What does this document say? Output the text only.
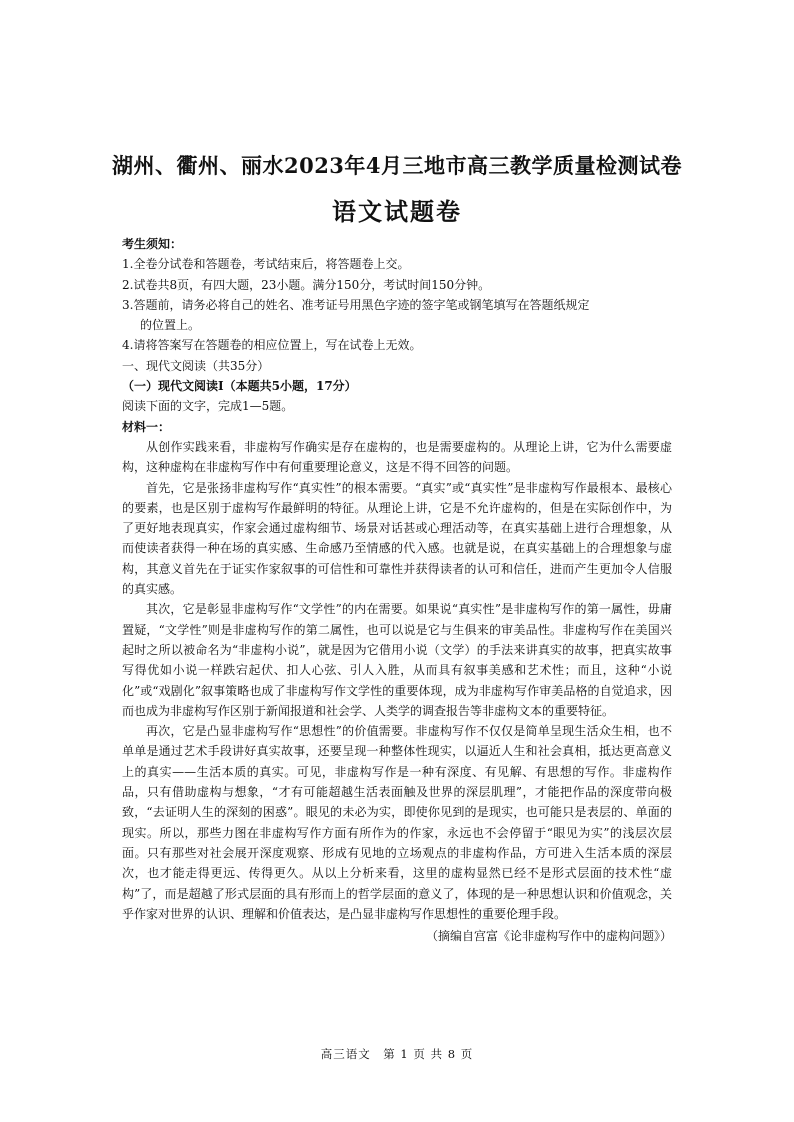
湖州、衢州、丽水2023年4月三地市高三教学质量检测试卷
语文试题卷

考生须知：

1.全卷分试卷和答题卷，考试结束后，将答题卷上交。

2.试卷共8页，有四大题，23小题。满分150分，考试时间150分钟。

3.答题前，请务必将自己的姓名、准考证号用黑色字迹的签字笔或钢笔填写在答题纸规定

的位置上。

4.请将答案写在答题卷的相应位置上，写在试卷上无效。

一、现代文阅读（共35分）

（一）现代文阅读Ⅰ（本题共5小题，17分）

阅读下面的文字，完成1—5题。

材料一：

从创作实践来看，非虚构写作确实是存在虚构的，也是需要虚构的。从理论上讲，它为什么需要虚构，这种虚构在非虚构写作中有何重要理论意义，这是不得不回答的问题。

首先，它是张扬非虚构写作“真实性”的根本需要。“真实”或“真实性”是非虚构写作最根本、最核心的要素，也是区别于虚构写作最鲜明的特征。从理论上讲，它是不允许虚构的，但是在实际创作中，为了更好地表现真实，作家会通过虚构细节、场景对话甚或心理活动等，在真实基础上进行合理想象，从而使读者获得一种在场的真实感、生命感乃至情感的代入感。也就是说，在真实基础上的合理想象与虚构，其意义首先在于证实作家叙事的可信性和可靠性并获得读者的认可和信任，进而产生更加令人信服的真实感。

其次，它是彰显非虚构写作“文学性”的内在需要。如果说“真实性”是非虚构写作的第一属性，毋庸置疑，“文学性”则是非虚构写作的第二属性，也可以说是它与生俱来的审美品性。非虚构写作在美国兴起时之所以被命名为“非虚构小说”，就是因为它借用小说（文学）的手法来讲真实的故事，把真实故事写得优如小说一样跌宕起伏、扣人心弦、引人入胜，从而具有叙事美感和艺术性；而且，这种“小说化”或“戏剧化”叙事策略也成了非虚构写作文学性的重要体现，成为非虚构写作审美品格的自觉追求，因而也成为非虚构写作区别于新闻报道和社会学、人类学的调查报告等非虚构文本的重要特征。

再次，它是凸显非虚构写作“思想性”的价值需要。非虚构写作不仅仅是简单呈现生活众生相，也不单单是通过艺术手段讲好真实故事，还要呈现一种整体性现实，以逼近人生和社会真相，抵达更高意义上的真实——生活本质的真实。可见，非虚构写作是一种有深度、有见解、有思想的写作。非虚构作品，只有借助虚构与想象，“才有可能超越生活表面触及世界的深层肌理”，才能把作品的深度带向极致，“去证明人生的深刻的困惑”。眼见的未必为实，即使你见到的是现实，也可能只是表层的、单面的现实。所以，那些力图在非虚构写作方面有所作为的作家，永远也不会停留于“眼见为实”的浅层次层面。只有那些对社会展开深度观察、形成有见地的立场观点的非虚构作品，方可进入生活本质的深层次，也才能走得更远、传得更久。从以上分析来看，这里的虚构显然已经不是形式层面的技术性“虚构”了，而是超越了形式层面的具有形而上的哲学层面的意义了，体现的是一种思想认识和价值观念，关乎作家对世界的认识、理解和价值表达，是凸显非虚构写作思想性的重要伦理手段。

（摘编自宫富《论非虚构写作中的虚构问题》）

高三语文　第 1 页 共 8 页
